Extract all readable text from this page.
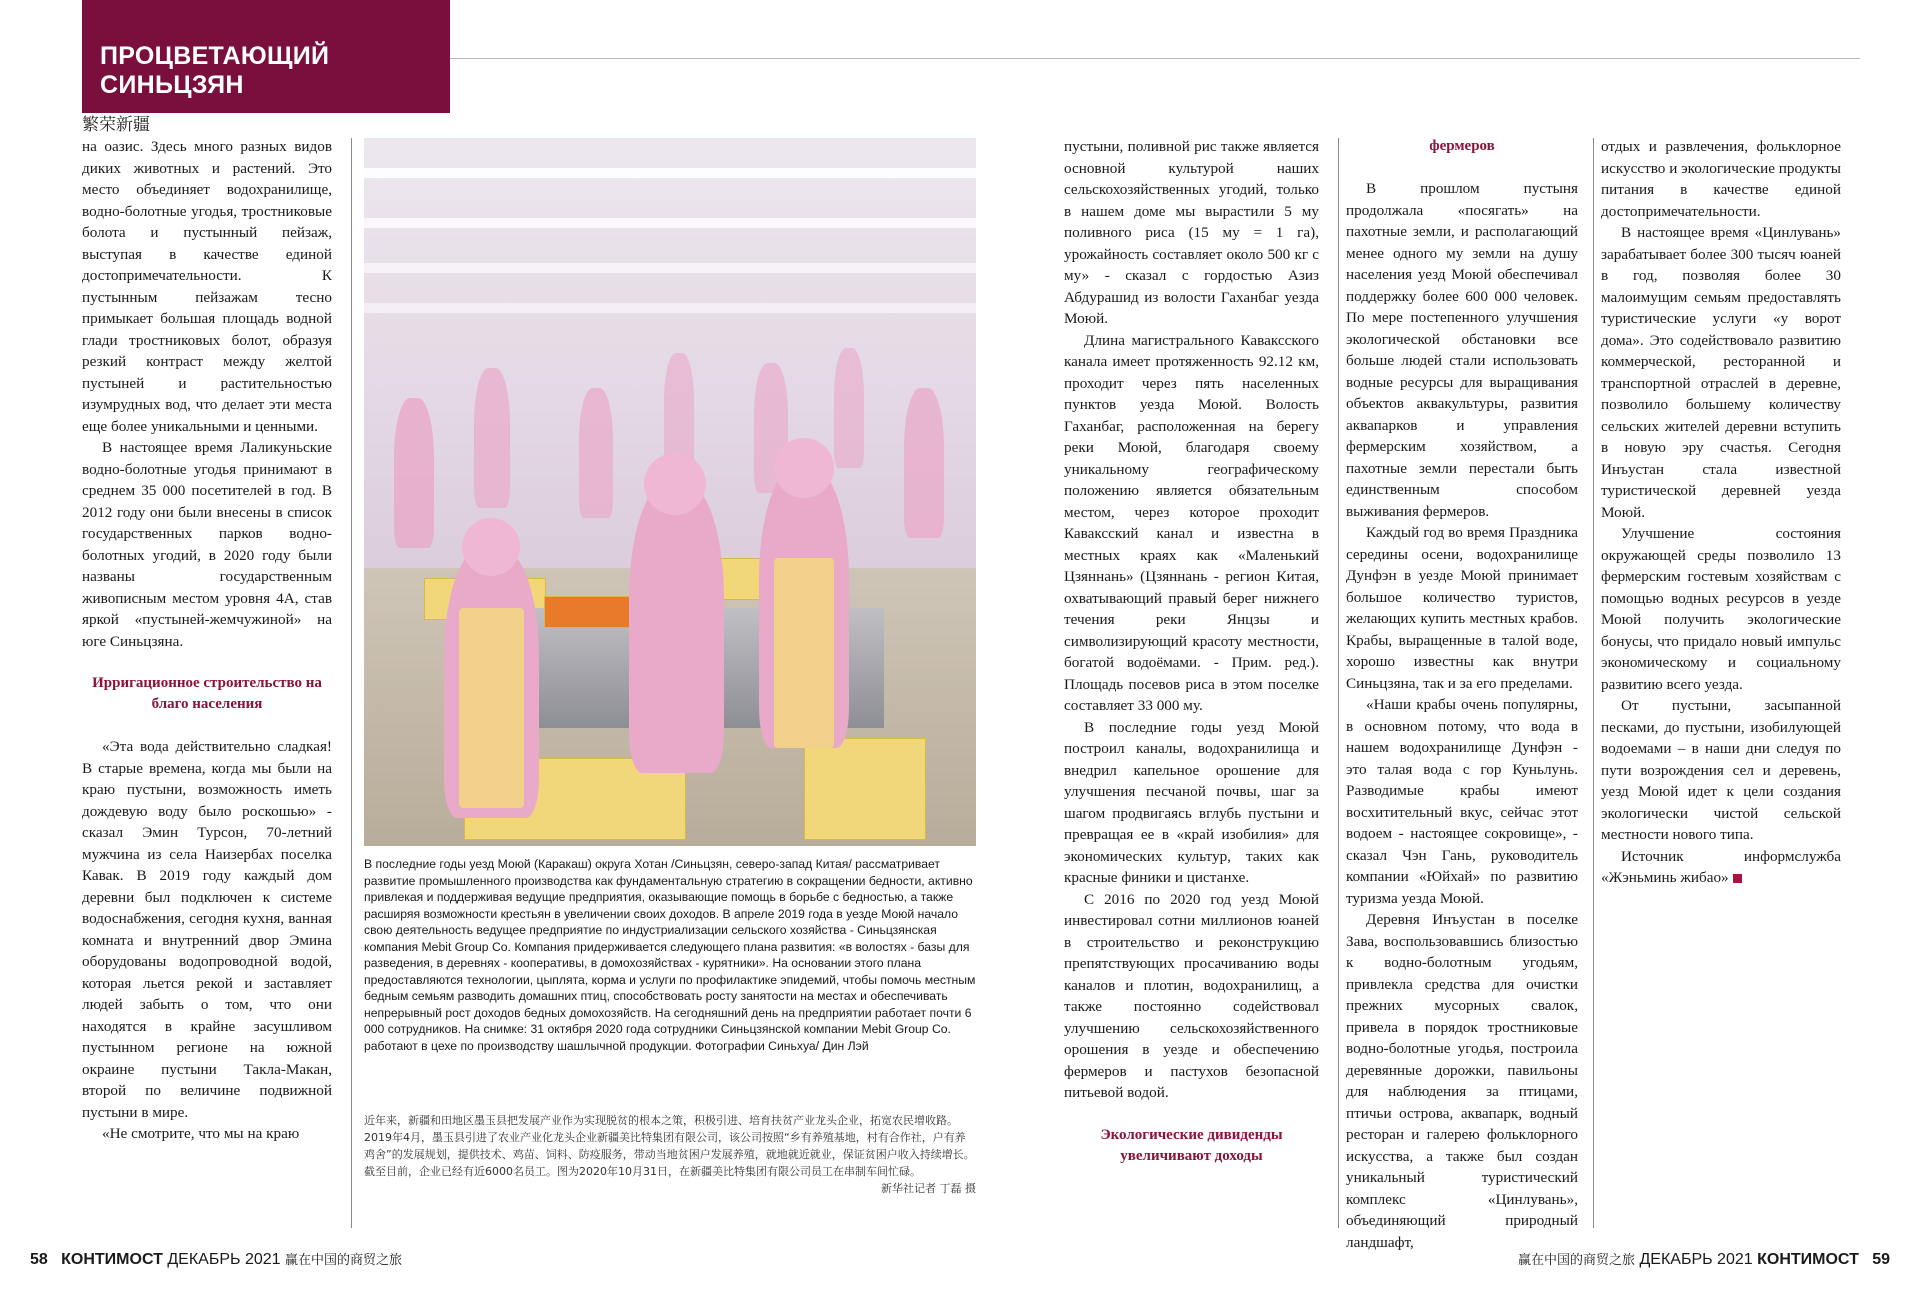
ПРОЦВЕТАЮЩИЙ
СИНЬЦЗЯН
繁荣新疆

на оазис. Здесь много разных видов диких животных и растений. Это место объединяет водохранилище, водно-болотные угодья, тростниковые болота и пустынный пейзаж, выступая в качестве единой достопримечательности. К пустынным пейзажам тесно примыкает большая площадь водной глади тростниковых болот, образуя резкий контраст между желтой пустыней и растительностью изумрудных вод, что делает эти места еще более уникальными и ценными.

В настоящее время Лаликуньские водно-болотные угодья принимают в среднем 35 000 посетителей в год. В 2012 году они были внесены в список государственных парков водно-болотных угодий, в 2020 году были названы государственным живописным местом уровня 4А, став яркой «пустыней-жемчужиной» на юге Синьцзяна.

Ирригационное строительство на благо населения

«Эта вода действительно сладкая! В старые времена, когда мы были на краю пустыни, возможность иметь дождевую воду было роскошью» - сказал Эмин Турсон, 70-летний мужчина из села Наизербах поселка Кавак. В 2019 году каждый дом деревни был подключен к системе водоснабжения, сегодня кухня, ванная комната и внутренний двор Эмина оборудованы водопроводной водой, которая льется рекой и заставляет людей забыть о том, что они находятся в крайне засушливом пустынном регионе на южной окраине пустыни Такла-Макан, второй по величине подвижной пустыни в мире.

«Не смотрите, что мы на краю

В последние годы уезд Моюй (Каракаш) округа Хотан /Синьцзян, северо-запад Китая/ рассматривает развитие промышленного производства как фундаментальную стратегию в сокращении бедности, активно привлекая и поддерживая ведущие предприятия, оказывающие помощь в борьбе с бедностью, а также расширяя возможности крестьян в увеличении своих доходов. В апреле 2019 года в уезде Моюй начало свою деятельность ведущее предприятие по индустриализации сельского хозяйства - Синьцзянская компания Mebit Group Co. Компания придерживается следующего плана развития: «в волостях - базы для разведения, в деревнях - кооперативы, в домохозяйствах - курятники». На основании этого плана предоставляются технологии, цыплята, корма и услуги по профилактике эпидемий, чтобы помочь местным бедным семьям разводить домашних птиц, способствовать росту занятости на местах и обеспечивать непрерывный рост доходов бедных домохозяйств. На сегодняшний день на предприятии работает почти 6 000 сотрудников. На снимке: 31 октября 2020 года сотрудники Синьцзянской компании Mebit Group Co. работают в цехе по производству шашлычной продукции. Фотографии Синьхуа/ Дин Лэй
近年来，新疆和田地区墨玉县把发展产业作为实现脱贫的根本之策，积极引进、培育扶贫产业龙头企业，拓宽农民增收路。2019年4月，墨玉县引进了农业产业化龙头企业新疆美比特集团有限公司，该公司按照“乡有养殖基地，村有合作社，户有养鸡舍”的发展规划，提供技术、鸡苗、饲料、防疫服务，带动当地贫困户发展养殖，就地就近就业，保证贫困户收入持续增长。截至目前，企业已经有近6000名员工。图为2020年10月31日，在新疆美比特集团有限公司员工在串制车间忙碌。
新华社记者 丁磊 摄

пустыни, поливной рис также является основной культурой наших сельскохозяйственных угодий, только в нашем доме мы вырастили 5 му поливного риса (15 му = 1 га), урожайность составляет около 500 кг с му» - сказал с гордостью Азиз Абдурашид из волости Гаханбаг уезда Моюй.

Длина магистрального Каваксского канала имеет протяженность 92.12 км, проходит через пять населенных пунктов уезда Моюй. Волость Гаханбаг, расположенная на берегу реки Моюй, благодаря своему уникальному географическому положению является обязательным местом, через которое проходит Каваксский канал и известна в местных краях как «Маленький Цзяннань» (Цзяннань - регион Китая, охватывающий правый берег нижнего течения реки Янцзы и символизирующий красоту местности, богатой водоёмами. - Прим. ред.). Площадь посевов риса в этом поселке составляет 33 000 му.

В последние годы уезд Моюй построил каналы, водохранилища и внедрил капельное орошение для улучшения песчаной почвы, шаг за шагом продвигаясь вглубь пустыни и превращая ее в «край изобилия» для экономических культур, таких как красные финики и цистанхе.

С 2016 по 2020 год уезд Моюй инвестировал сотни миллионов юаней в строительство и реконструкцию препятствующих просачиванию воды каналов и плотин, водохранилищ, а также постоянно содействовал улучшению сельскохозяйственного орошения в уезде и обеспечению фермеров и пастухов безопасной питьевой водой.

Экологические дивиденды увеличивают доходы
фермеров

В прошлом пустыня продолжала «посягать» на пахотные земли, и располагающий менее одного му земли на душу населения уезд Моюй обеспечивал поддержку более 600 000 человек. По мере постепенного улучшения экологической обстановки все больше людей стали использовать водные ресурсы для выращивания объектов аквакультуры, развития аквапарков и управления фермерским хозяйством, а пахотные земли перестали быть единственным способом выживания фермеров.

Каждый год во время Праздника середины осени, водохранилище Дунфэн в уезде Моюй принимает большое количество туристов, желающих купить местных крабов. Крабы, выращенные в талой воде, хорошо известны как внутри Синьцзяна, так и за его пределами.

«Наши крабы очень популярны, в основном потому, что вода в нашем водохранилище Дунфэн - это талая вода с гор Куньлунь. Разводимые крабы имеют восхитительный вкус, сейчас этот водоем - настоящее сокровище», - сказал Чэн Гань, руководитель компании «Юйхай» по развитию туризма уезда Моюй.

Деревня Инъустан в поселке Зава, воспользовавшись близостью к водно-болотным угодьям, привлекла средства для очистки прежних мусорных свалок, привела в порядок тростниковые водно-болотные угодья, построила деревянные дорожки, павильоны для наблюдения за птицами, птичьи острова, аквапарк, водный ресторан и галерею фольклорного искусства, а также был создан уникальный туристический комплекс «Цинлувань», объединяющий природный ландшафт,

отдых и развлечения, фольклорное искусство и экологические продукты питания в качестве единой достопримечательности.

В настоящее время «Цинлувань» зарабатывает более 300 тысяч юаней в год, позволяя более 30 малоимущим семьям предоставлять туристические услуги «у ворот дома». Это содействовало развитию коммерческой, ресторанной и транспортной отраслей в деревне, позволило большему количеству сельских жителей деревни вступить в новую эру счастья. Сегодня Инъустан стала известной туристической деревней уезда Моюй.

Улучшение состояния окружающей среды позволило 13 фермерским гостевым хозяйствам с помощью водных ресурсов в уезде Моюй получить экологические бонусы, что придало новый импульс экономическому и социальному развитию всего уезда.

От пустыни, засыпанной песками, до пустыни, изобилующей водоемами – в наши дни следуя по пути возрождения сел и деревень, уезд Моюй идет к цели создания экологически чистой сельской местности нового типа.

Источник информслужба «Жэньминь жибао»

58 КОНТИМОСТ ДЕКАБРЬ 2021 赢在中国的商贸之旅	赢在中国的商贸之旅 ДЕКАБРЬ 2021 КОНТИМОСТ 59
